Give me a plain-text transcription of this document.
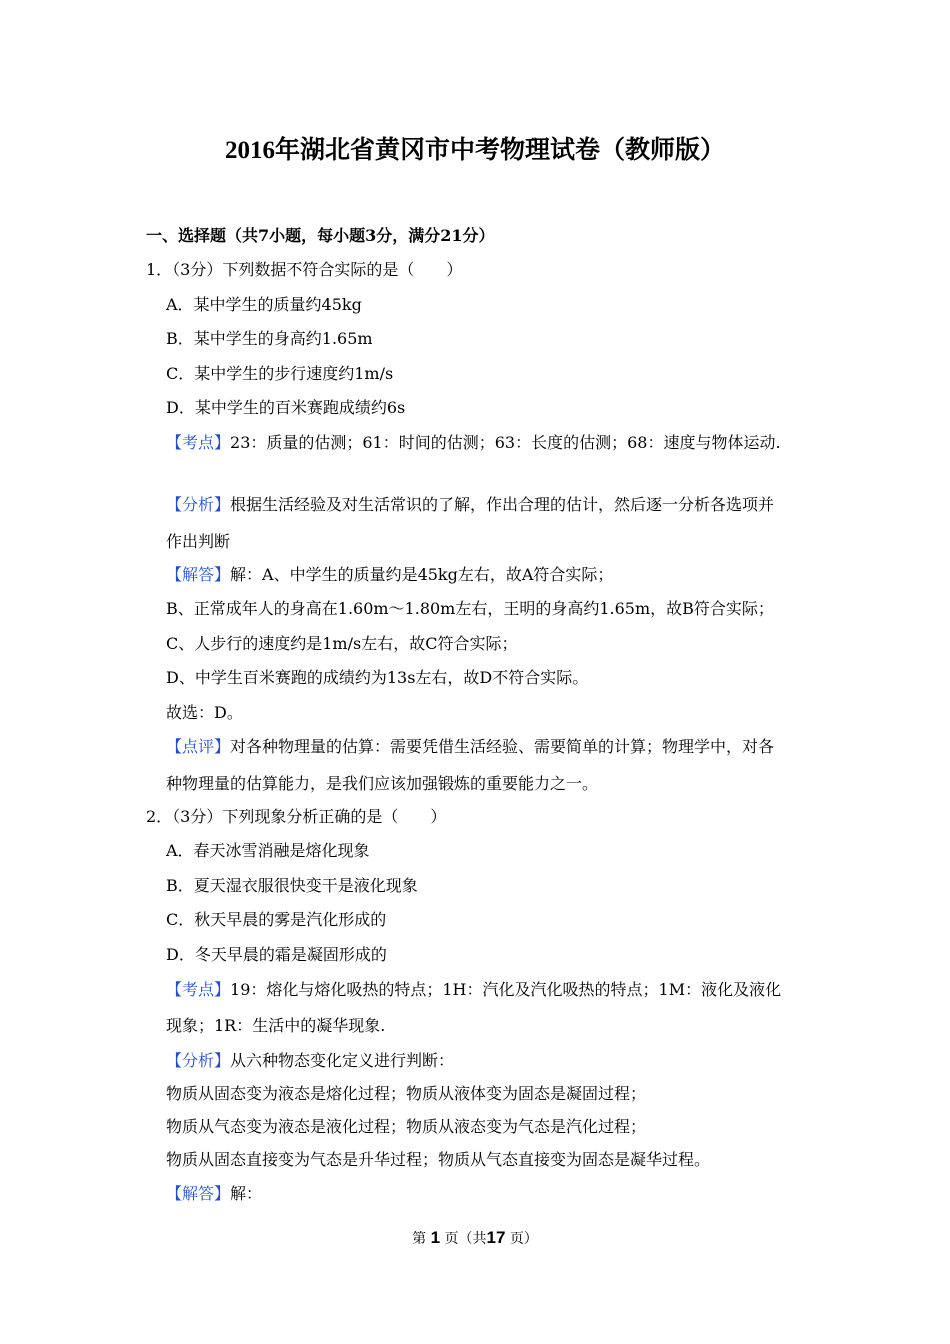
2016年湖北省黄冈市中考物理试卷（教师版）
一、选择题（共7小题，每小题3分，满分21分）
1．（3分）下列数据不符合实际的是（　　）
A．某中学生的质量约45kg
B．某中学生的身高约1.65m
C．某中学生的步行速度约1m/s
D．某中学生的百米赛跑成绩约6s
【考点】23：质量的估测；61：时间的估测；63：长度的估测；68：速度与物体运动.
【分析】根据生活经验及对生活常识的了解，作出合理的估计，然后逐一分析各选项并
作出判断
【解答】解：A、中学生的质量约是45kg左右，故A符合实际；
B、正常成年人的身高在1.60m～1.80m左右，王明的身高约1.65m，故B符合实际；
C、人步行的速度约是1m/s左右，故C符合实际；
D、中学生百米赛跑的成绩约为13s左右，故D不符合实际。
故选：D。
【点评】对各种物理量的估算：需要凭借生活经验、需要简单的计算；物理学中，对各
种物理量的估算能力，是我们应该加强锻炼的重要能力之一。
2．（3分）下列现象分析正确的是（　　）
A．春天冰雪消融是熔化现象
B．夏天湿衣服很快变干是液化现象
C．秋天早晨的雾是汽化形成的
D．冬天早晨的霜是凝固形成的
【考点】19：熔化与熔化吸热的特点；1H：汽化及汽化吸热的特点；1M：液化及液化
现象；1R：生活中的凝华现象.
【分析】从六种物态变化定义进行判断：
物质从固态变为液态是熔化过程；物质从液体变为固态是凝固过程；
物质从气态变为液态是液化过程；物质从液态变为气态是汽化过程；
物质从固态直接变为气态是升华过程；物质从气态直接变为固态是凝华过程。
【解答】解：
第 1 页（共17 页）
